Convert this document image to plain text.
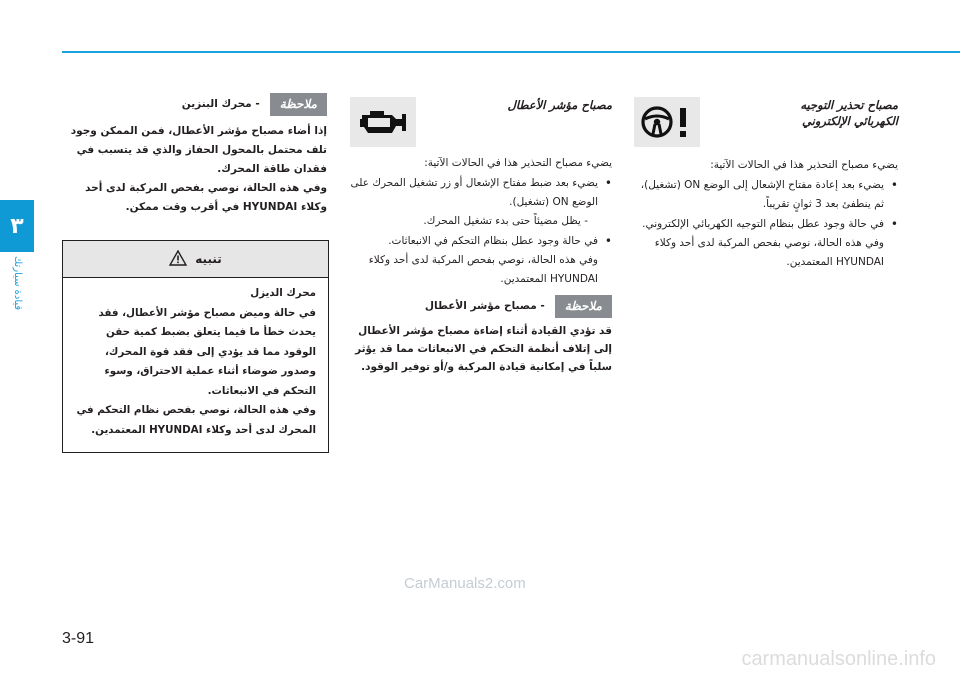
٣
قيادة سيارتك
مصباح تحذير التوجيه
الكهربائي الإلكتروني

يضيء مصباح التحذير هذا في الحالات الآتية:

• يضيء بعد إعادة مفتاح الإشعال إلى الوضع ON (تشغيل)، ثم ينطفئ بعد 3 ثوانٍ تقريباً.
• في حالة وجود عطل بنظام التوجيه الكهربائي الإلكتروني.
وفي هذه الحالة، نوصي بفحص المركبة لدى أحد وكلاء HYUNDAI المعتمدين.
مصباح مؤشر الأعطال

يضيء مصباح التحذير هذا في الحالات الآتية:

• يضيء بعد ضبط مفتاح الإشعال أو زر تشغيل المحرك على الوضع ON (تشغيل).
- يظل مضيئاً حتى بدء تشغيل المحرك.
• في حالة وجود عطل بنظام التحكم في الانبعاثات.
وفي هذه الحالة، نوصي بفحص المركبة لدى أحد وكلاء HYUNDAI المعتمدين.
ملاحظة
- مصباح مؤشر الأعطال

قد تؤدي القيادة أثناء إضاءة مصباح مؤشر الأعطال إلى إتلاف أنظمة التحكم في الانبعاثات مما قد يؤثر سلباً في إمكانية قيادة المركبة و/أو توفير الوقود.

ملاحظة
- محرك البنزين

إذا أضاء مصباح مؤشر الأعطال، فمن الممكن وجود تلف محتمل بالمحول الحفاز والذي قد يتسبب في فقدان طاقة المحرك.

وفي هذه الحالة، نوصي بفحص المركبة لدى أحد وكلاء HYUNDAI في أقرب وقت ممكن.

تنبيه
محرك الديزل
في حالة وميض مصباح مؤشر الأعطال، فقد يحدث خطأ ما فيما يتعلق بضبط كمية حقن الوقود مما قد يؤدي إلى فقد قوة المحرك، وصدور ضوضاء أثناء عملية الاحتراق، وسوء التحكم في الانبعاثات.
وفي هذه الحالة، نوصي بفحص نظام التحكم في المحرك لدى أحد وكلاء HYUNDAI المعتمدين.
CarManuals2.com
3-91
carmanualsonline.info
